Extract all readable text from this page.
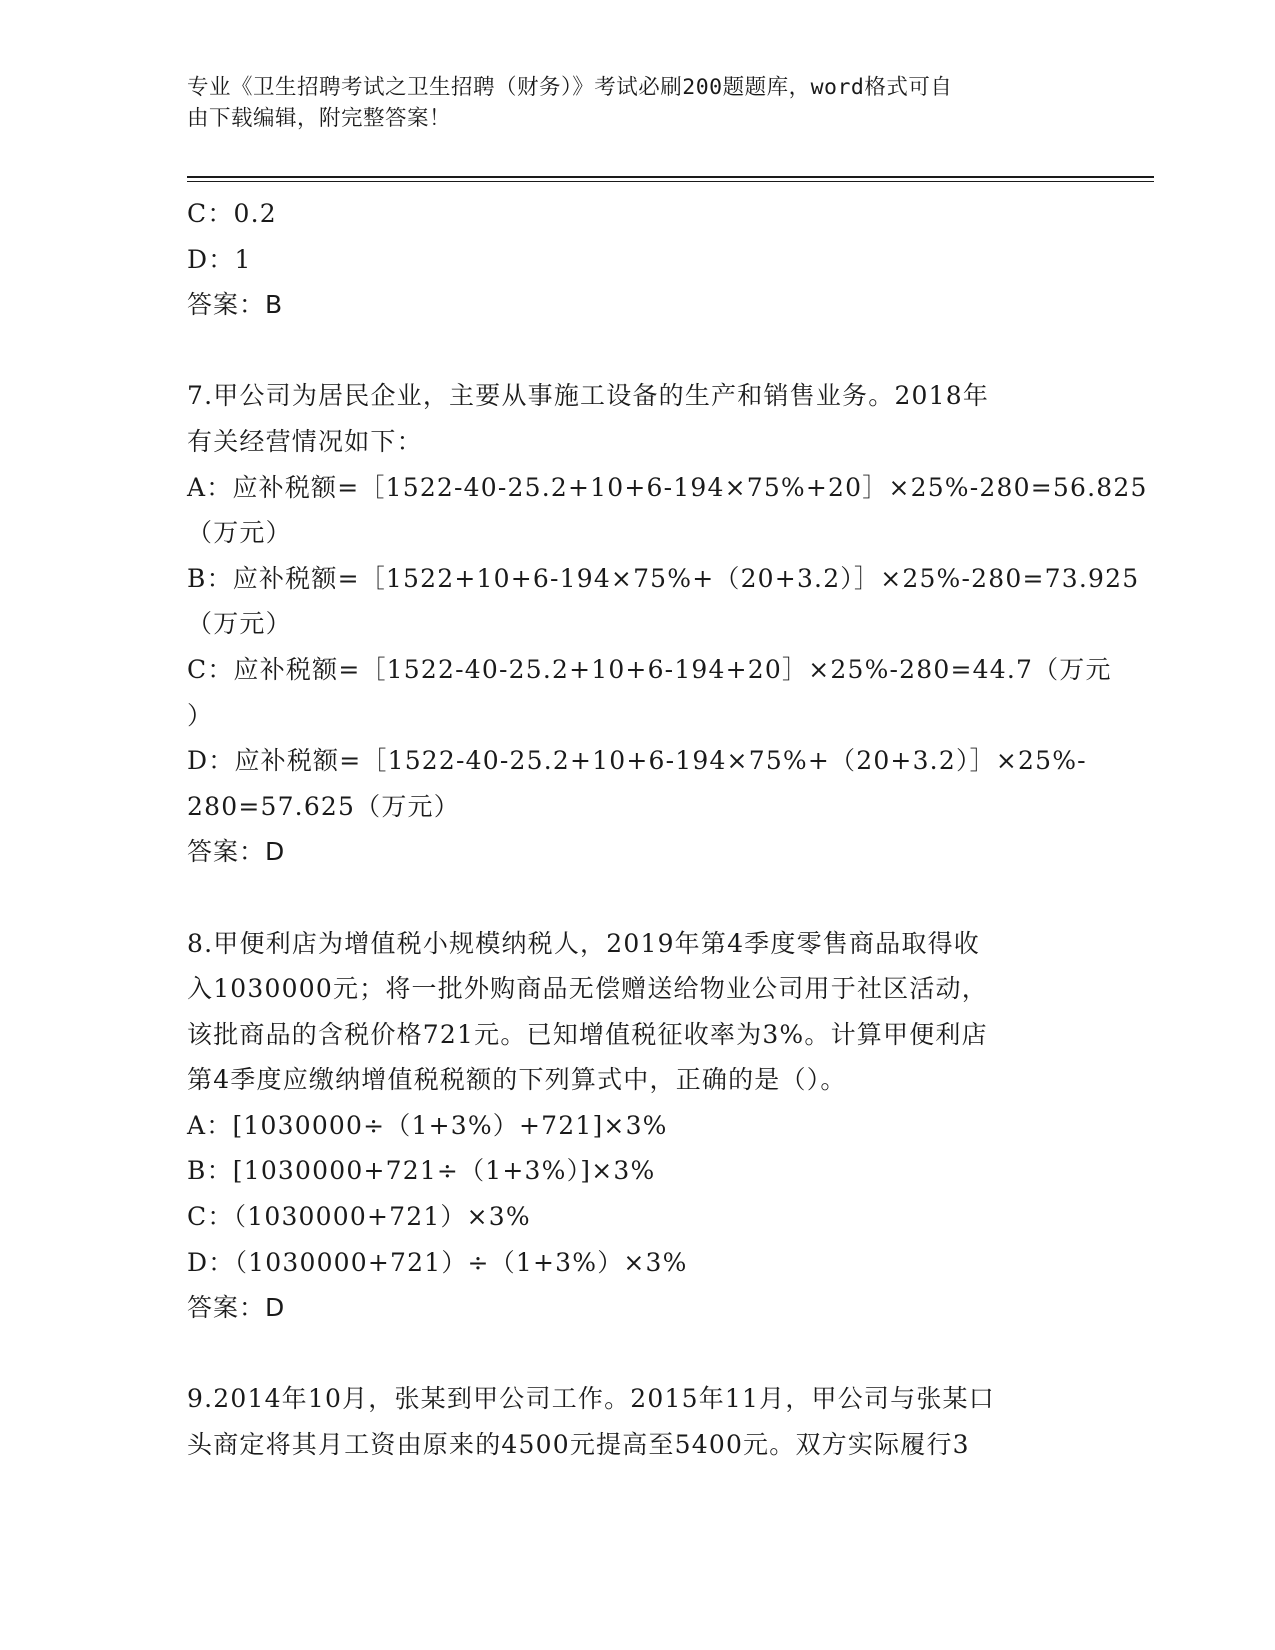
专业《卫生招聘考试之卫生招聘（财务）》考试必刷200题题库，word格式可自
由下载编辑，附完整答案！
C：0.2
D：1
答案：B
7.甲公司为居民企业，主要从事施工设备的生产和销售业务。2018年
有关经营情况如下：
A：应补税额=［1522-40-25.2+10+6-194×75%+20］×25%-280=56.825
（万元）
B：应补税额=［1522+10+6-194×75%+（20+3.2）］×25%-280=73.925
（万元）
C：应补税额=［1522-40-25.2+10+6-194+20］×25%-280=44.7（万元
）
D：应补税额=［1522-40-25.2+10+6-194×75%+（20+3.2）］×25%-
280=57.625（万元）
答案：D
8.甲便利店为增值税小规模纳税人，2019年第4季度零售商品取得收
入1030000元；将一批外购商品无偿赠送给物业公司用于社区活动，
该批商品的含税价格721元。已知增值税征收率为3%。计算甲便利店
第4季度应缴纳增值税税额的下列算式中，正确的是（）。
A：[1030000÷（1+3%）+721]×3%
B：[1030000+721÷（1+3%）]×3%
C：（1030000+721）×3%
D：（1030000+721）÷（1+3%）×3%
答案：D
9.2014年10月，张某到甲公司工作。2015年11月，甲公司与张某口
头商定将其月工资由原来的4500元提高至5400元。双方实际履行3
